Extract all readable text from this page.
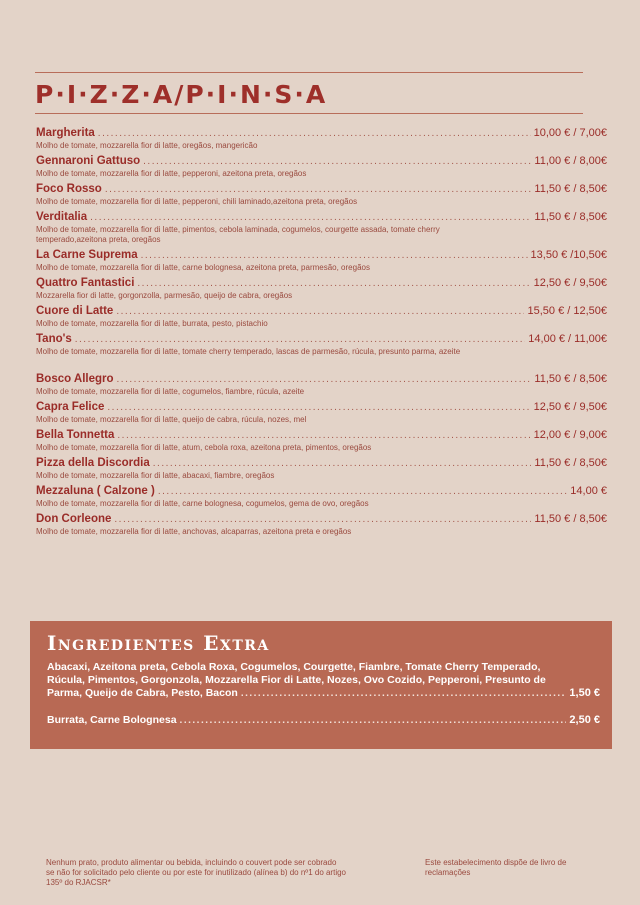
P·I·Z·Z·A/P·I·N·S·A
Margherita .....	10,00 € / 7,00€
Molho de tomate, mozzarella fior di latte, oregãos, mangericão
Gennaroni Gattuso .....	11,00 € / 8,00€
Molho de tomate, mozzarella fior di latte, pepperoni, azeitona preta, oregãos
Foco Rosso .....	11,50 € / 8,50€
Molho de tomate, mozzarella fior di latte, pepperoni, chili laminado,azeitona preta, oregãos
Verditalia .....	11,50 € / 8,50€
Molho de tomate, mozzarella fior di latte, pimentos, cebola laminada, cogumelos, courgette assada, tomate cherry temperado,azeitona preta, oregãos
La Carne Suprema .....	13,50 € /10,50€
Molho de tomate, mozzarella fior di latte, carne bolognesa, azeitona preta, parmesão, oregãos
Quattro Fantastici .....	12,50 € / 9,50€
Mozzarella fior di latte, gorgonzolla, parmesão, queijo de cabra, oregãos
Cuore di Latte .....	15,50 € / 12,50€
Molho de tomate, mozzarella fior di latte, burrata, pesto, pistachio
Tano's .....	14,00 € / 11,00€
Molho de tomate, mozzarella fior di latte, tomate cherry temperado, lascas de parmesão, rúcula, presunto parma, azeite
Bosco Allegro .....	11,50 € / 8,50€
Molho de tomate, mozzarella fior di latte, cogumelos, fiambre, rúcula, azeite
Capra Felice .....	12,50 € / 9,50€
Molho de tomate, mozzarella fior di latte, queijo de cabra, rúcula, nozes, mel
Bella Tonnetta .....	12,00 € / 9,00€
Molho de tomate, mozzarella fior di latte, atum, cebola roxa, azeitona preta, pimentos, oregãos
Pizza della Discordia .....	11,50 € / 8,50€
Molho de tomate, mozzarella fior di latte, abacaxi, fiambre, oregãos
Mezzaluna ( Calzone ) .....	14,00 €
Molho de tomate, mozzarella fior di latte, carne bolognesa, cogumelos, gema de ovo, oregãos
Don Corleone .....	11,50 € / 8,50€
Molho de tomate, mozzarella fior di latte, anchovas, alcaparras, azeitona preta e oregãos
Ingredientes Extra
Abacaxi, Azeitona preta, Cebola Roxa, Cogumelos, Courgette, Fiambre, Tomate Cherry Temperado,
Rúcula, Pimentos, Gorgonzola, Mozzarella Fior di Latte, Nozes, Ovo Cozido, Pepperoni, Presunto de
Parma, Queijo de Cabra, Pesto, Bacon .....	1,50 €
Burrata, Carne Bolognesa .....	2,50 €
Nenhum prato, produto alimentar ou bebida, incluindo o couvert pode ser cobrado se não for solicitado pelo cliente ou por este for inutilizado (alínea b) do nº1 do artigo 135º do RJACSR*
Este estabelecimento dispõe de livro de reclamações
